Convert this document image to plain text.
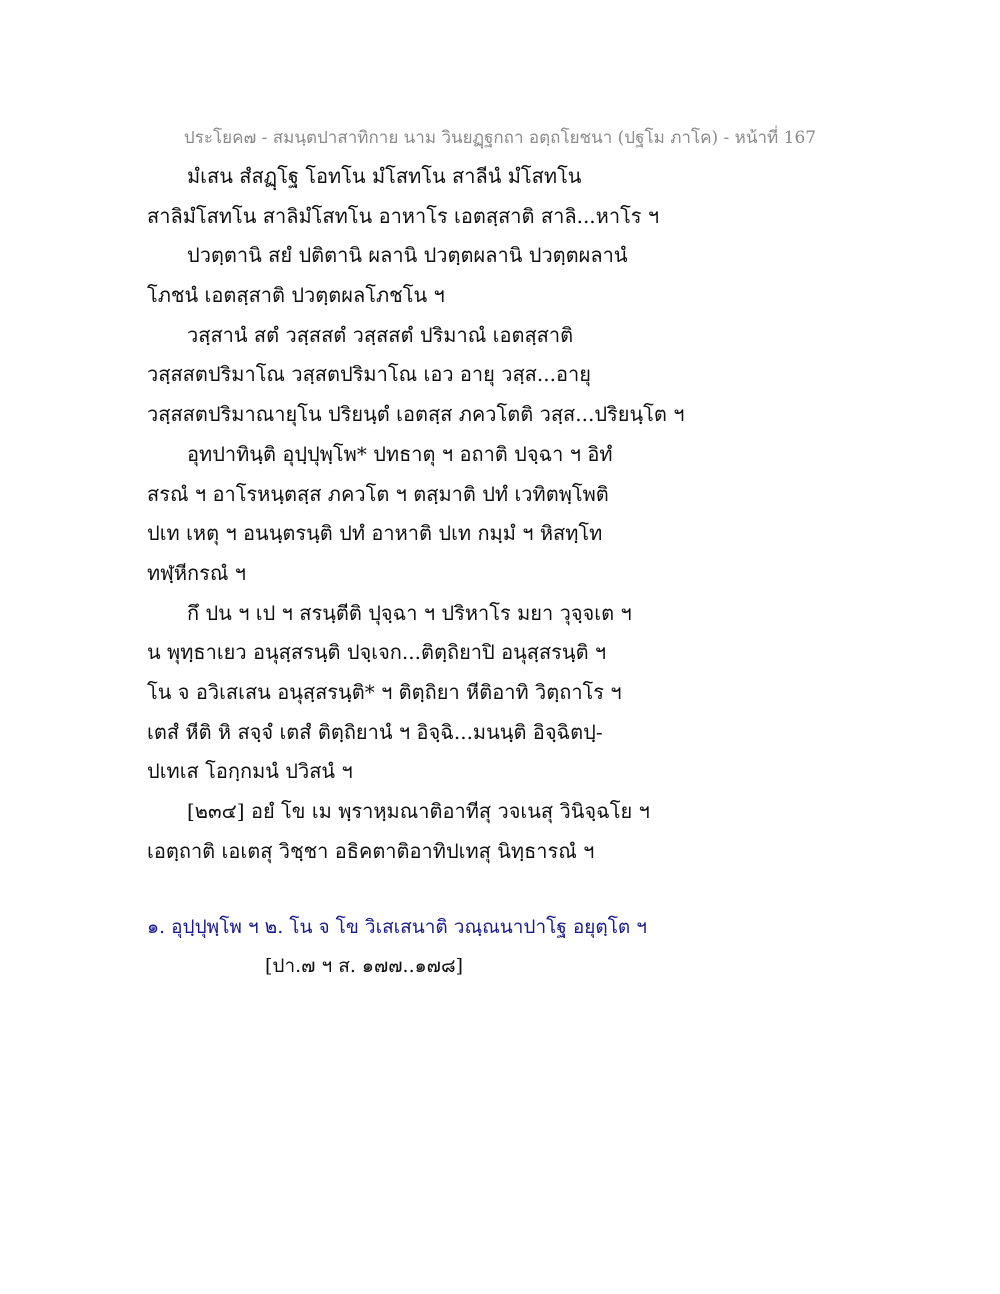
ประโยค๗ - สมนฺตปาสาทิกาย นาม วินยฏฺฐกถา อตฺถโยชนา (ปฐโม ภาโค) - หน้าที่ 167
มํเสน สํสฏฺโฐ โอทโน มํโสทโน สาลีนํ มํโสทโน
สาลิมํโสทโน สาลิมํโสทโน อาหาโร เอตสฺสาติ สาลิ...หาโร ฯ
ปวตฺตานิ สยํ ปติตานิ ผลานิ ปวตฺตผลานิ ปวตฺตผลานํ
โภชนํ เอตสฺสาติ ปวตฺตผลโภชโน ฯ
วสฺสานํ สตํ วสฺสสตํ วสฺสสตํ ปริมาณํ เอตสฺสาติ
วสฺสสตปริมาโณ วสฺสตปริมาโณ เอว อายุ วสฺส...อายุ
วสฺสสตปริมาณายุโน ปริยนฺตํ เอตสฺส ภควโตติ วสฺส...ปริยนฺโต ฯ
อุทปาทินฺติ อุปฺปุพฺโพ* ปทธาตุ ฯ อถาติ ปจฺฉา ฯ อิทํ
สรณํ ฯ อาโรหนฺตสฺส ภควโต ฯ ตสฺมาติ ปทํ เวทิตพฺโพติ
ปเท เหตุ ฯ อนนฺตรนฺติ ปทํ อาหาติ ปเท กมฺมํ ฯ หิสทฺโท
ทฬฺหีกรณํ ฯ
กึ ปน ฯ เป ฯ สรนฺตีติ ปุจฺฉา ฯ ปริหาโร มยา วุจฺจเต ฯ
น พุทฺธาเยว อนุสฺสรนฺติ ปจฺเจก...ติตฺถิยาปิ อนุสฺสรนฺติ ฯ
โน จ อวิเสเสน อนุสฺสรนฺติ* ฯ ติตฺถิยา หีติอาทิ วิตฺถาโร ฯ
เตสํ หีติ หิ สจฺจํ เตสํ ติตฺถิยานํ ฯ อิจฺฉิ...มนนฺติ อิจฺฉิตปฺ-
ปเทเส โอกฺกมนํ ปวิสนํ ฯ
[๒๓๔] อยํ โข เม พฺราหฺมณาติอาทีสุ วจเนสุ วินิจฺฉโย ฯ
เอตฺถาติ เอเตสุ วิชฺชา อธิคตาติอาทิปเทสุ นิทฺธารณํ ฯ
๑. อุปฺปุพฺโพ ฯ ๒. โน จ โข วิเสเสนาติ วณฺณนาปาโฐ อยุตฺโต ฯ
[ปา.๗ ฯ ส. ๑๗๗..๑๗๘]
